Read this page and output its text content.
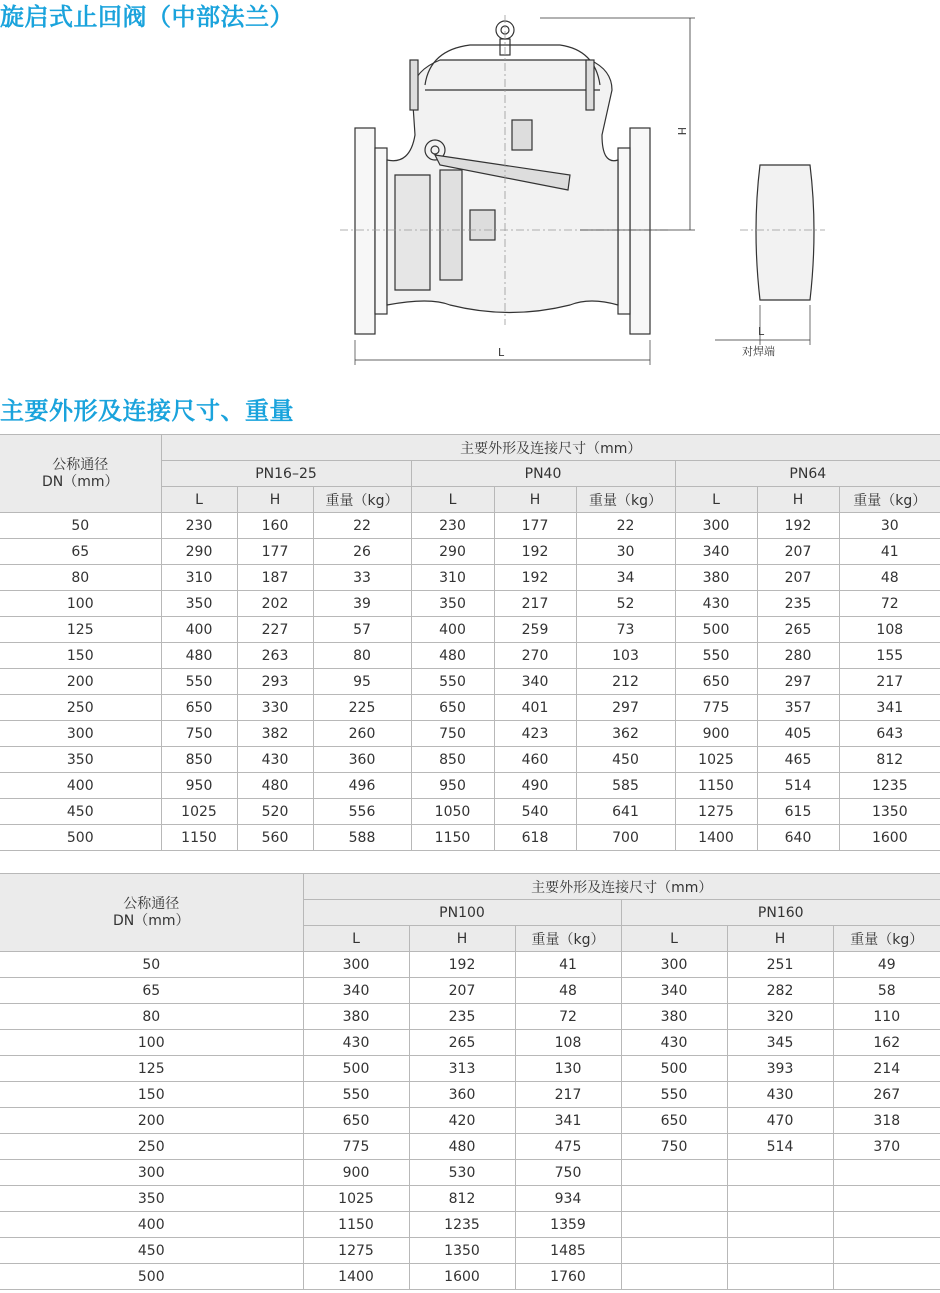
旋启式止回阀（中部法兰）
H
L
L
对焊端
主要外形及连接尺寸、重量
公称通径
DN（mm）	主要外形及连接尺寸（mm）								
	PN16–25			PN40			PN64		
	L	H	重量（kg）	L	H	重量（kg）	L	H	重量（kg）
50	230	160	22	230	177	22	300	192	30
65	290	177	26	290	192	30	340	207	41
80	310	187	33	310	192	34	380	207	48
100	350	202	39	350	217	52	430	235	72
125	400	227	57	400	259	73	500	265	108
150	480	263	80	480	270	103	550	280	155
200	550	293	95	550	340	212	650	297	217
250	650	330	225	650	401	297	775	357	341
300	750	382	260	750	423	362	900	405	643
350	850	430	360	850	460	450	1025	465	812
400	950	480	496	950	490	585	1150	514	1235
450	1025	520	556	1050	540	641	1275	615	1350
500	1150	560	588	1150	618	700	1400	640	1600
公称通径
DN（mm）	主要外形及连接尺寸（mm）					
	PN100			PN160		
	L	H	重量（kg）	L	H	重量（kg）
50	300	192	41	300	251	49
65	340	207	48	340	282	58
80	380	235	72	380	320	110
100	430	265	108	430	345	162
125	500	313	130	500	393	214
150	550	360	217	550	430	267
200	650	420	341	650	470	318
250	775	480	475	750	514	370
300	900	530	750			
350	1025	812	934			
400	1150	1235	1359			
450	1275	1350	1485			
500	1400	1600	1760			
